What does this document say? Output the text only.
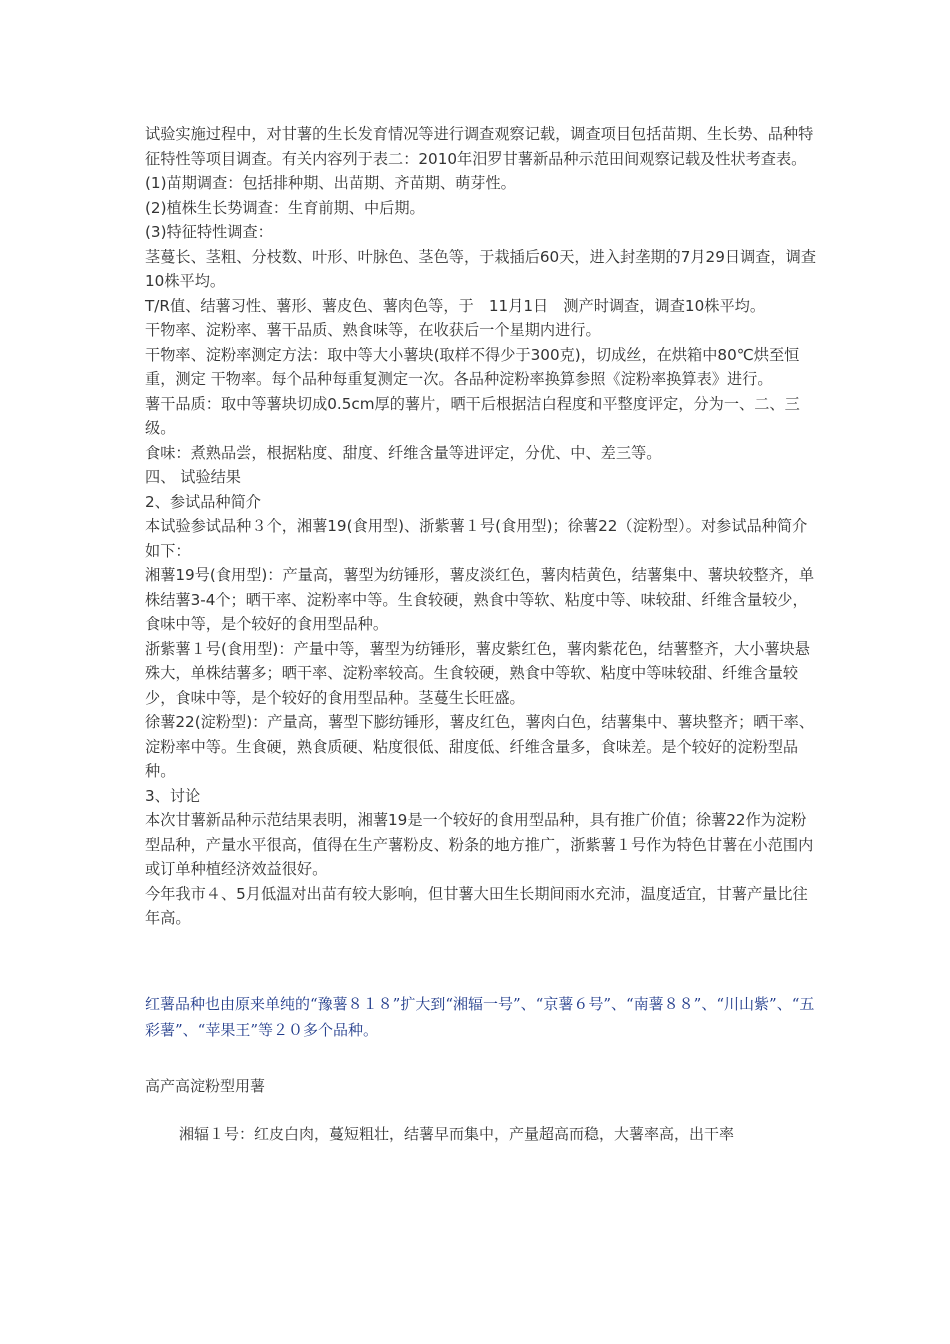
试验实施过程中，对甘薯的生长发育情况等进行调查观察记载，调查项目包括苗期、生长势、品种特征特性等项目调查。有关内容列于表二：2010年汨罗甘薯新品种示范田间观察记载及性状考查表。

(1)苗期调查：包括排种期、出苗期、齐苗期、萌芽性。

(2)植株生长势调查：生育前期、中后期。

(3)特征特性调查：

茎蔓长、茎粗、分枝数、叶形、叶脉色、茎色等，于栽插后60天，进入封垄期的7月29日调查，调查10株平均。

T/R值、结薯习性、薯形、薯皮色、薯肉色等，于　11月1日　测产时调查，调查10株平均。

干物率、淀粉率、薯干品质、熟食味等，在收获后一个星期内进行。

干物率、淀粉率测定方法：取中等大小薯块(取样不得少于300克)，切成丝，在烘箱中80℃烘至恒重，测定 干物率。每个品种每重复测定一次。各品种淀粉率换算参照《淀粉率换算表》进行。

薯干品质：取中等薯块切成0.5cm厚的薯片，晒干后根据洁白程度和平整度评定，分为一、二、三级。

食味：煮熟品尝，根据粘度、甜度、纤维含量等进评定，分优、中、差三等。

四、 试验结果

2、参试品种简介

本试验参试品种３个，湘薯19(食用型)、浙紫薯１号(食用型)；徐薯22（淀粉型）。对参试品种简介如下：

湘薯19号(食用型)：产量高，薯型为纺锤形，薯皮淡红色，薯肉桔黄色，结薯集中、薯块较整齐，单株结薯3-4个；晒干率、淀粉率中等。生食较硬，熟食中等软、粘度中等、味较甜、纤维含量较少，食味中等，是个较好的食用型品种。

浙紫薯１号(食用型)：产量中等，薯型为纺锤形，薯皮紫红色，薯肉紫花色，结薯整齐，大小薯块悬殊大，单株结薯多；晒干率、淀粉率较高。生食较硬，熟食中等软、粘度中等味较甜、纤维含量较少，食味中等，是个较好的食用型品种。茎蔓生长旺盛。

徐薯22(淀粉型)：产量高，薯型下膨纺锤形，薯皮红色，薯肉白色，结薯集中、薯块整齐；晒干率、淀粉率中等。生食硬，熟食质硬、粘度很低、甜度低、纤维含量多，食味差。是个较好的淀粉型品种。

3、讨论

本次甘薯新品种示范结果表明，湘薯19是一个较好的食用型品种，具有推广价值；徐薯22作为淀粉型品种，产量水平很高，值得在生产薯粉皮、粉条的地方推广，浙紫薯１号作为特色甘薯在小范围内或订单种植经济效益很好。

今年我市４、5月低温对出苗有较大影响，但甘薯大田生长期间雨水充沛，温度适宜，甘薯产量比往年高。

红薯品种也由原来单纯的“豫薯８１８”扩大到“湘辐一号”、“京薯６号”、“南薯８８”、“川山紫”、“五彩薯”、“苹果王”等２０多个品种。

高产高淀粉型用薯

湘辐１号：红皮白肉，蔓短粗壮，结薯早而集中，产量超高而稳，大薯率高，出干率
